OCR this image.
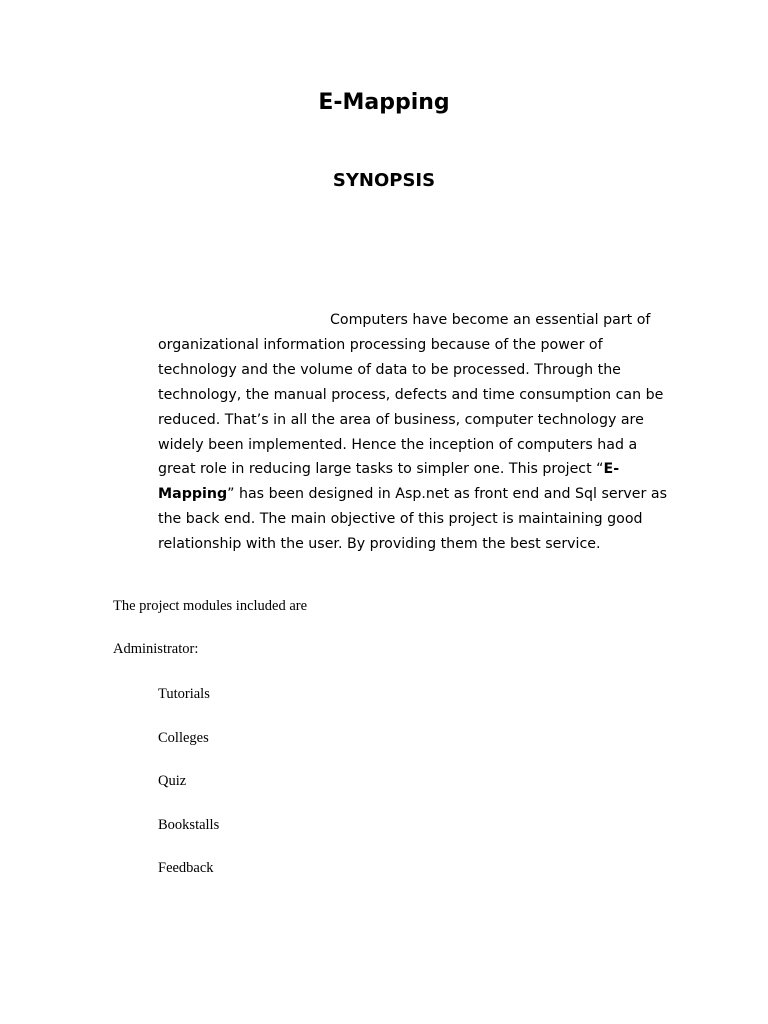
E-Mapping
SYNOPSIS

Computers have become an essential part of
organizational information processing because of the power of
technology and the volume of data to be processed. Through the
technology, the manual process, defects and time consumption can be
reduced. That’s in all the area of business, computer technology are
widely been implemented. Hence the inception of computers had a
great role in reducing large tasks to simpler one. This project “E-
Mapping” has been designed in Asp.net as front end and Sql server as
the back end. The main objective of this project is maintaining good
relationship with the user. By providing them the best service.

The project modules included are

Administrator:

Tutorials
Colleges
Quiz
Bookstalls
Feedback
